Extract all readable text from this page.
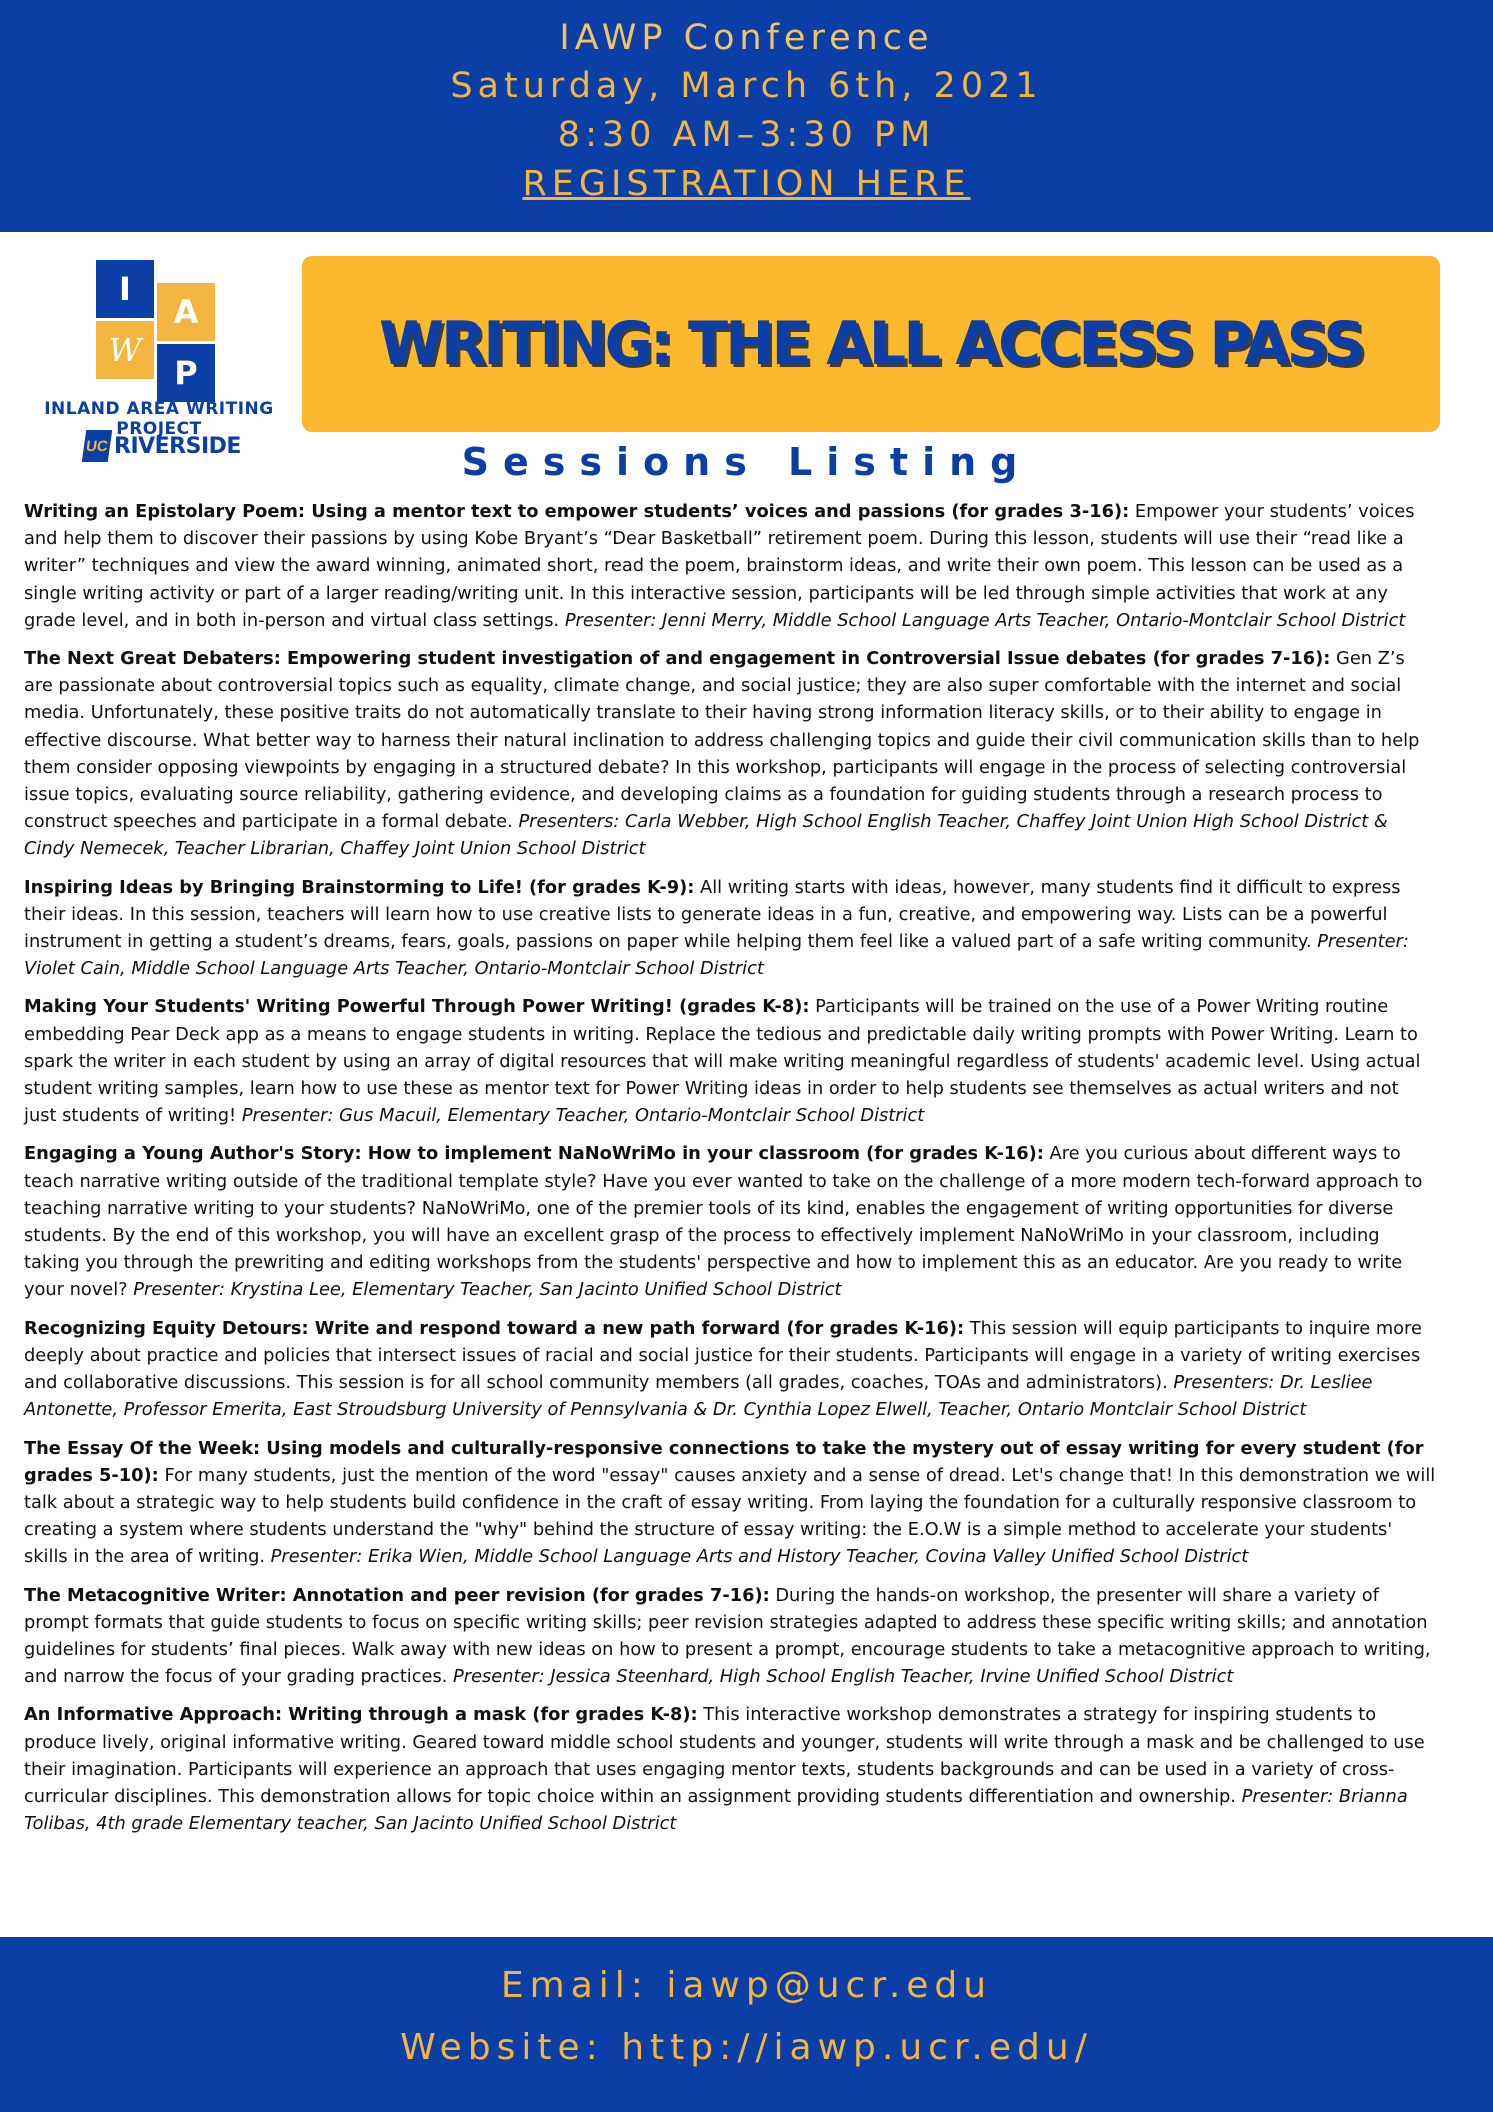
IAWP Conference
Saturday, March 6th, 2021
8:30 AM–3:30 PM
REGISTRATION HERE
I
A
W
P
INLAND AREA WRITING PROJECT
UC RIVERSIDE
WRITING: THE ALL ACCESS PASS
Sessions Listing

Writing an Epistolary Poem: Using a mentor text to empower students’ voices and passions (for grades 3-16): Empower your students’ voices and help them to discover their passions by using Kobe Bryant’s “Dear Basketball” retirement poem. During this lesson, students will use their “read like a writer” techniques and view the award winning, animated short, read the poem, brainstorm ideas, and write their own poem. This lesson can be used as a single writing activity or part of a larger reading/writing unit. In this interactive session, participants will be led through simple activities that work at any grade level, and in both in-person and virtual class settings. Presenter: Jenni Merry, Middle School Language Arts Teacher, Ontario-Montclair School District

The Next Great Debaters: Empowering student investigation of and engagement in Controversial Issue debates (for grades 7-16): Gen Z’s are passionate about controversial topics such as equality, climate change, and social justice; they are also super comfortable with the internet and social media. Unfortunately, these positive traits do not automatically translate to their having strong information literacy skills, or to their ability to engage in effective discourse. What better way to harness their natural inclination to address challenging topics and guide their civil communication skills than to help them consider opposing viewpoints by engaging in a structured debate? In this workshop, participants will engage in the process of selecting controversial issue topics, evaluating source reliability, gathering evidence, and developing claims as a foundation for guiding students through a research process to construct speeches and participate in a formal debate. Presenters: Carla Webber, High School English Teacher, Chaffey Joint Union High School District & Cindy Nemecek, Teacher Librarian, Chaffey Joint Union School District

Inspiring Ideas by Bringing Brainstorming to Life! (for grades K-9): All writing starts with ideas, however, many students find it difficult to express their ideas. In this session, teachers will learn how to use creative lists to generate ideas in a fun, creative, and empowering way. Lists can be a powerful instrument in getting a student’s dreams, fears, goals, passions on paper while helping them feel like a valued part of a safe writing community. Presenter: Violet Cain, Middle School Language Arts Teacher, Ontario-Montclair School District

Making Your Students' Writing Powerful Through Power Writing! (grades K-8): Participants will be trained on the use of a Power Writing routine embedding Pear Deck app as a means to engage students in writing. Replace the tedious and predictable daily writing prompts with Power Writing. Learn to spark the writer in each student by using an array of digital resources that will make writing meaningful regardless of students' academic level. Using actual student writing samples, learn how to use these as mentor text for Power Writing ideas in order to help students see themselves as actual writers and not just students of writing! Presenter: Gus Macuil, Elementary Teacher, Ontario-Montclair School District

Engaging a Young Author's Story: How to implement NaNoWriMo in your classroom (for grades K-16): Are you curious about different ways to teach narrative writing outside of the traditional template style? Have you ever wanted to take on the challenge of a more modern tech-forward approach to teaching narrative writing to your students? NaNoWriMo, one of the premier tools of its kind, enables the engagement of writing opportunities for diverse students. By the end of this workshop, you will have an excellent grasp of the process to effectively implement NaNoWriMo in your classroom, including taking you through the prewriting and editing workshops from the students' perspective and how to implement this as an educator. Are you ready to write your novel? Presenter: Krystina Lee, Elementary Teacher, San Jacinto Unified School District

Recognizing Equity Detours: Write and respond toward a new path forward (for grades K-16): This session will equip participants to inquire more deeply about practice and policies that intersect issues of racial and social justice for their students. Participants will engage in a variety of writing exercises and collaborative discussions. This session is for all school community members (all grades, coaches, TOAs and administrators). Presenters: Dr. Lesliee Antonette, Professor Emerita, East Stroudsburg University of Pennsylvania & Dr. Cynthia Lopez Elwell, Teacher, Ontario Montclair School District

The Essay Of the Week: Using models and culturally-responsive connections to take the mystery out of essay writing for every student (for grades 5-10): For many students, just the mention of the word "essay" causes anxiety and a sense of dread. Let's change that! In this demonstration we will talk about a strategic way to help students build confidence in the craft of essay writing. From laying the foundation for a culturally responsive classroom to creating a system where students understand the "why" behind the structure of essay writing: the E.O.W is a simple method to accelerate your students' skills in the area of writing. Presenter: Erika Wien, Middle School Language Arts and History Teacher, Covina Valley Unified School District

The Metacognitive Writer: Annotation and peer revision (for grades 7-16): During the hands-on workshop, the presenter will share a variety of prompt formats that guide students to focus on specific writing skills; peer revision strategies adapted to address these specific writing skills; and annotation guidelines for students’ final pieces. Walk away with new ideas on how to present a prompt, encourage students to take a metacognitive approach to writing, and narrow the focus of your grading practices. Presenter: Jessica Steenhard, High School English Teacher, Irvine Unified School District

An Informative Approach: Writing through a mask (for grades K-8): This interactive workshop demonstrates a strategy for inspiring students to produce lively, original informative writing. Geared toward middle school students and younger, students will write through a mask and be challenged to use their imagination. Participants will experience an approach that uses engaging mentor texts, students backgrounds and can be used in a variety of cross-curricular disciplines. This demonstration allows for topic choice within an assignment providing students differentiation and ownership. Presenter: Brianna Tolibas, 4th grade Elementary teacher, San Jacinto Unified School District

Email: iawp@ucr.edu
Website: http://iawp.ucr.edu/
